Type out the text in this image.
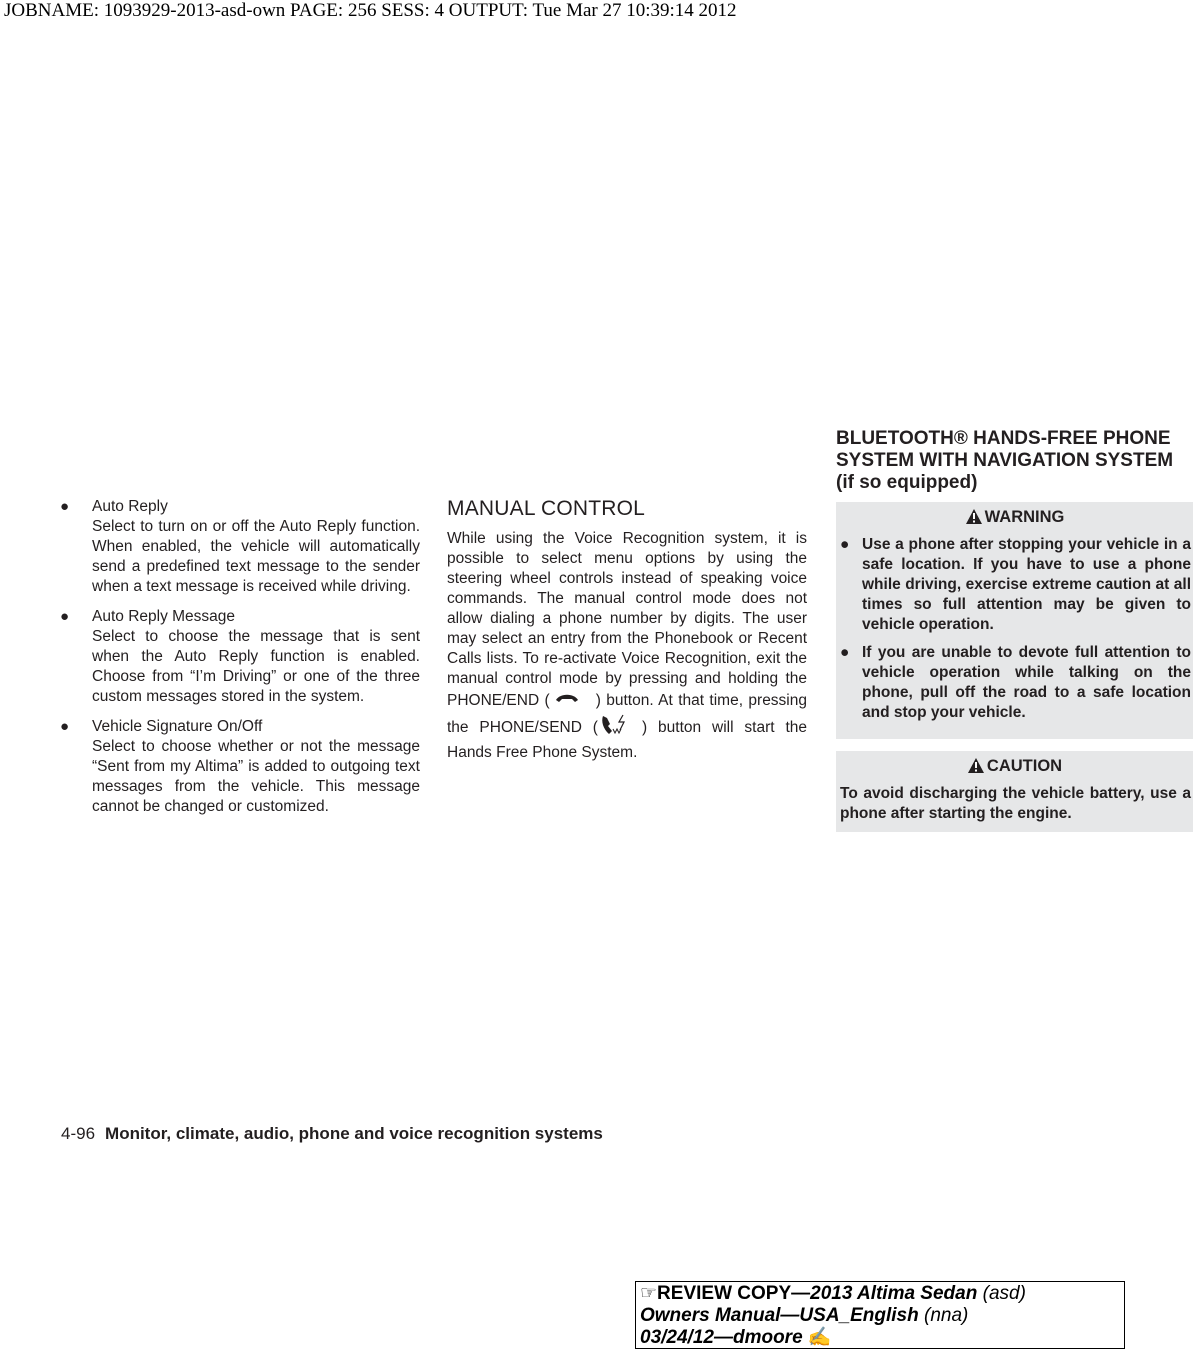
JOBNAME: 1093929-2013-asd-own PAGE: 256 SESS: 4 OUTPUT: Tue Mar 27 10:39:14 2012
● Auto Reply
Select to turn on or off the Auto Reply function. When enabled, the vehicle will automatically send a predefined text message to the sender when a text message is received while driving.
● Auto Reply Message
Select to choose the message that is sent when the Auto Reply function is enabled. Choose from “I’m Driving” or one of the three custom messages stored in the system.
● Vehicle Signature On/Off
Select to choose whether or not the message “Sent from my Altima” is added to outgoing text messages from the vehicle. This message cannot be changed or customized.
MANUAL CONTROL
While using the Voice Recognition system, it is possible to select menu options by using the steering wheel controls instead of speaking voice commands. The manual control mode does not allow dialing a phone number by digits. The user may select an entry from the Phonebook or Recent Calls lists. To re-activate Voice Recognition, exit the manual control mode by pressing and holding the PHONE/END (	) button. At that time, pressing the PHONE/SEND (	) button will start the Hands Free Phone System.
BLUETOOTH® HANDS-FREE PHONE
SYSTEM WITH NAVIGATION SYSTEM
(if so equipped)
WARNING
● Use a phone after stopping your vehicle in a safe location. If you have to use a phone while driving, exercise extreme caution at all times so full attention may be given to vehicle operation.
● If you are unable to devote full attention to vehicle operation while talking on the phone, pull off the road to a safe location and stop your vehicle.
CAUTION
To avoid discharging the vehicle battery, use a phone after starting the engine.
4-96 Monitor, climate, audio, phone and voice recognition systems
☞REVIEW COPY—2013 Altima Sedan (asd)
Owners Manual—USA_English (nna)
03/24/12—dmoore ✍
